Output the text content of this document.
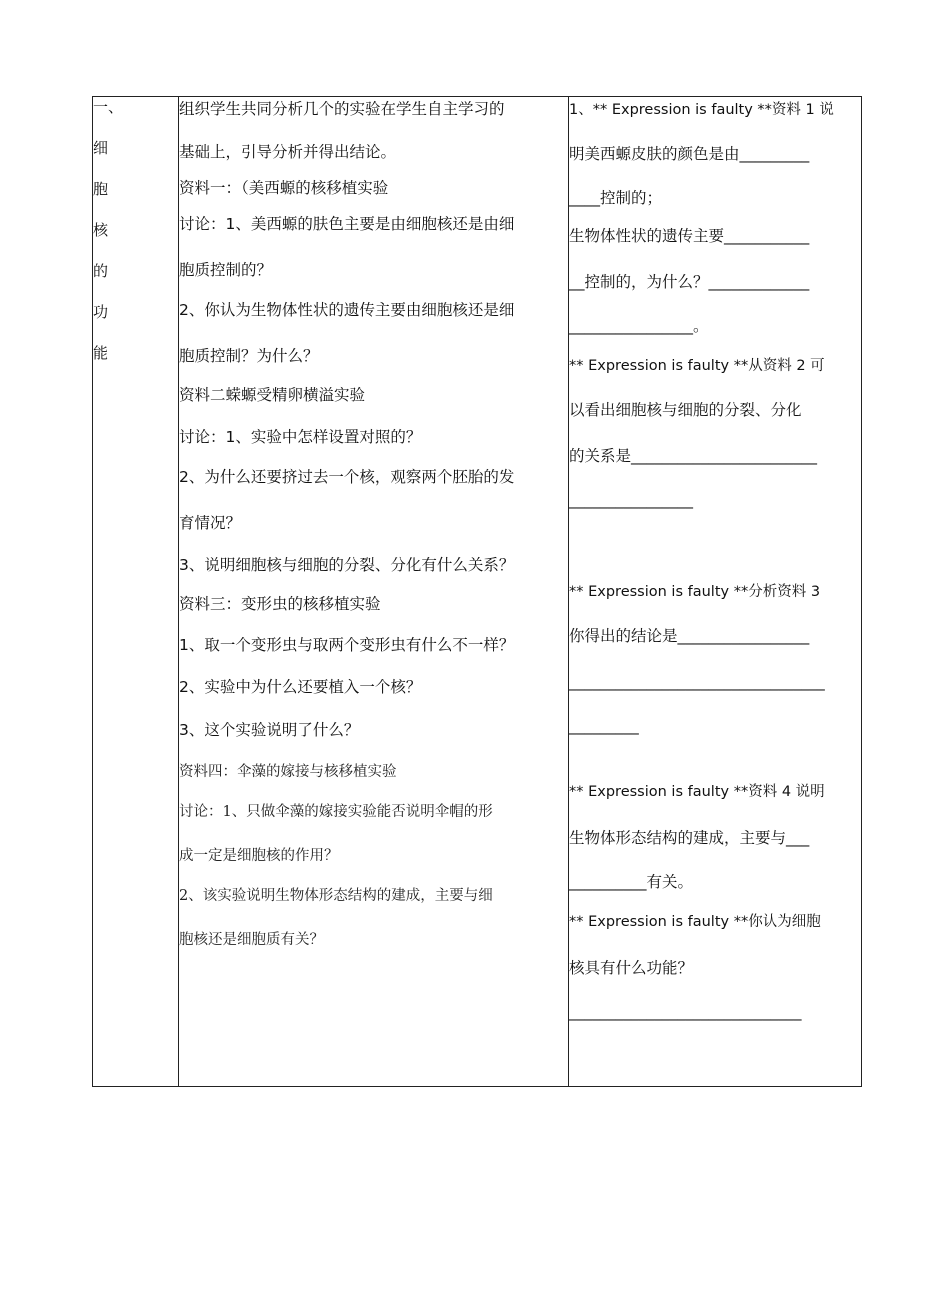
一、
细
胞
核
的
功
能

组织学生共同分析几个的实验在学生自主学习的
基础上，引导分析并得出结论。
资料一：（美西螈的核移植实验
讨论：1、美西螈的肤色主要是由细胞核还是由细
胞质控制的？
2、你认为生物体性状的遗传主要由细胞核还是细
胞质控制？为什么？
资料二蝾螈受精卵横溢实验
讨论：1、实验中怎样设置对照的？
2、为什么还要挤过去一个核，观察两个胚胎的发
育情况？
3、说明细胞核与细胞的分裂、分化有什么关系？
资料三：变形虫的核移植实验
1、取一个变形虫与取两个变形虫有什么不一样？
2、实验中为什么还要植入一个核？
3、这个实验说明了什么？
资料四：伞藻的嫁接与核移植实验
讨论：1、只做伞藻的嫁接实验能否说明伞帽的形
成一定是细胞核的作用？
2、该实验说明生物体形态结构的建成，主要与细
胞核还是细胞质有关？

1、** Expression is faulty **资料 1 说
明美西螈皮肤的颜色是由_________
____控制的；
生物体性状的遗传主要___________
__控制的，为什么？_____________
________________。
** Expression is faulty **从资料 2 可
以看出细胞核与细胞的分裂、分化
的关系是________________________
________________
** Expression is faulty **分析资料 3
你得出的结论是_________________
_________________________________
_________
** Expression is faulty **资料 4 说明
生物体形态结构的建成，主要与___
__________有关。
** Expression is faulty **你认为细胞
核具有什么功能？
______________________________
